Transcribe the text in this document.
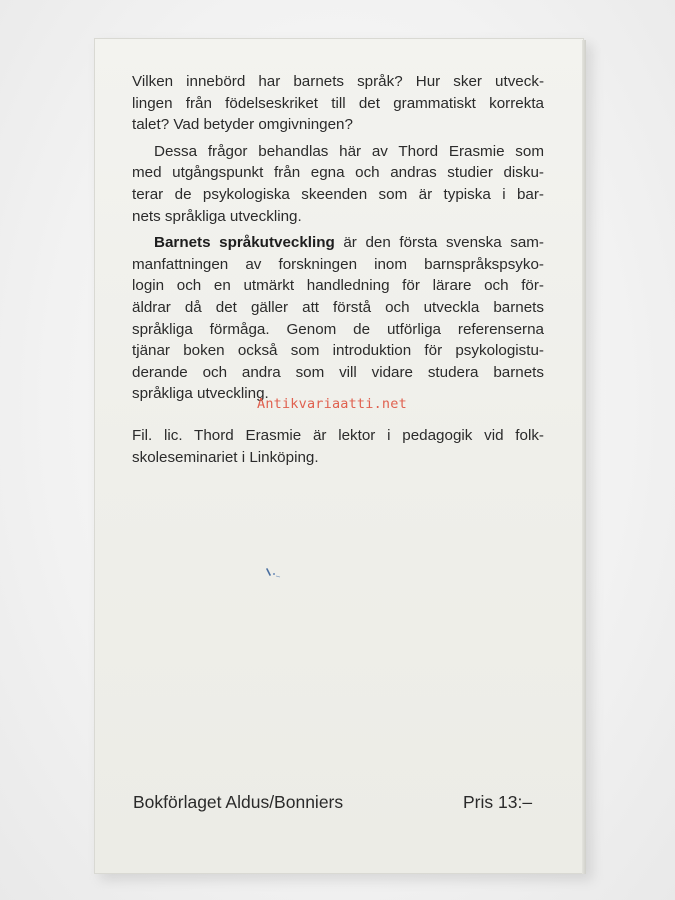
Vilken innebörd har barnets språk? Hur sker utveck-
lingen från födelseskriket till det grammatiskt korrekta
talet? Vad betyder omgivningen?
Dessa frågor behandlas här av Thord Erasmie som
med utgångspunkt från egna och andras studier disku-
terar de psykologiska skeenden som är typiska i bar-
nets språkliga utveckling.
Barnets språkutveckling är den första svenska sam-
manfattningen av forskningen inom barnspråkspsyko-
login och en utmärkt handledning för lärare och för-
äldrar då det gäller att förstå och utveckla barnets
språkliga förmåga. Genom de utförliga referenserna
tjänar boken också som introduktion för psykologistu-
derande och andra som vill vidare studera barnets
språkliga utveckling.
Fil. lic. Thord Erasmie är lektor i pedagogik vid folk-
skoleseminariet i Linköping.
Antikvariaatti.net
Bokförlaget Aldus/Bonniers	Pris 13:–
